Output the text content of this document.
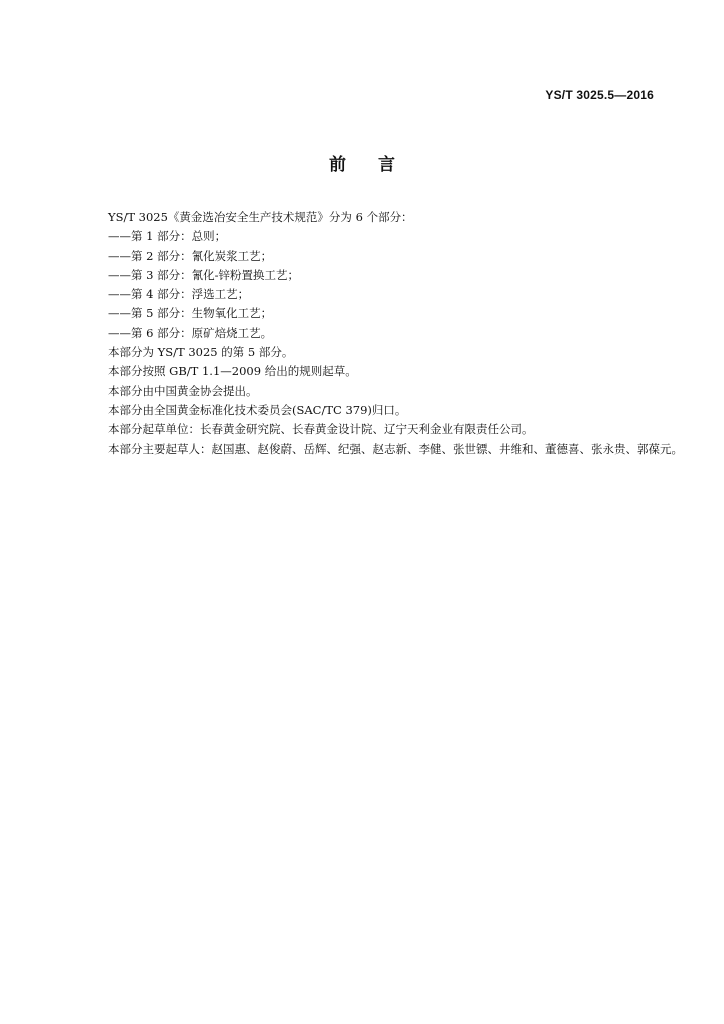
YS/T 3025.5—2016
前言
YS/T 3025《黄金选冶安全生产技术规范》分为 6 个部分：
——第 1 部分：总则；
——第 2 部分：氰化炭浆工艺；
——第 3 部分：氰化-锌粉置换工艺；
——第 4 部分：浮选工艺；
——第 5 部分：生物氧化工艺；
——第 6 部分：原矿焙烧工艺。
本部分为 YS/T 3025 的第 5 部分。
本部分按照 GB/T 1.1—2009 给出的规则起草。
本部分由中国黄金协会提出。
本部分由全国黄金标准化技术委员会(SAC/TC 379)归口。
本部分起草单位：长春黄金研究院、长春黄金设计院、辽宁天利金业有限责任公司。
本部分主要起草人：赵国惠、赵俊蔚、岳辉、纪强、赵志新、李健、张世镖、井维和、董德喜、张永贵、郭葆元。
